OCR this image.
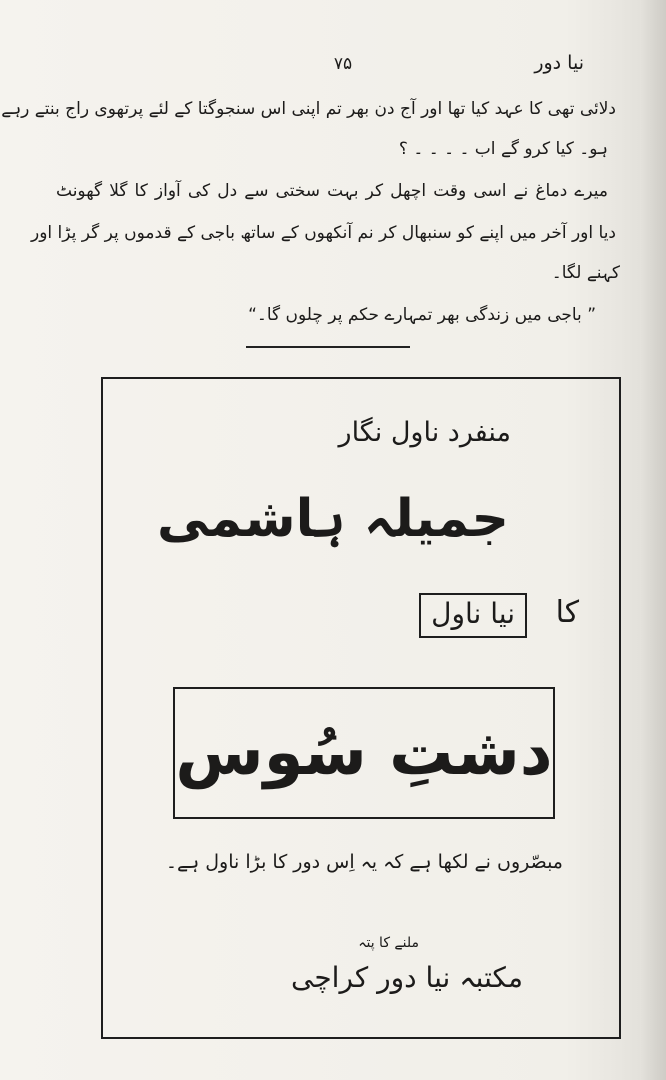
نیا دور
۷۵
دلائی تھی کا عہد کیا تھا اور آج دن بھر تم اپنی اس سنجوگتا کے لئے پرتھوی راج بنتے رہے
ہو۔ کیا کرو گے اب ۔ ۔ ۔ ۔ ؟
میرے دماغ نے اسی وقت اچھل کر بہت سختی سے دل کی آواز کا گلا گھونٹ
دیا اور آخر میں اپنے کو سنبھال کر نم آنکھوں کے ساتھ باجی کے قدموں پر گر پڑا اور
کہنے لگا۔
” باجی میں زندگی بھر تمہارے حکم پر چلوں گا۔“
منفرد ناول نگار
جمیلہ ہاشمی
کا
نیا ناول
دشتِ سُوس
مبصّروں نے لکھا ہے کہ یہ اِس دور کا بڑا ناول ہے۔
ملنے کا پتہ
مکتبہ نیا دور کراچی
